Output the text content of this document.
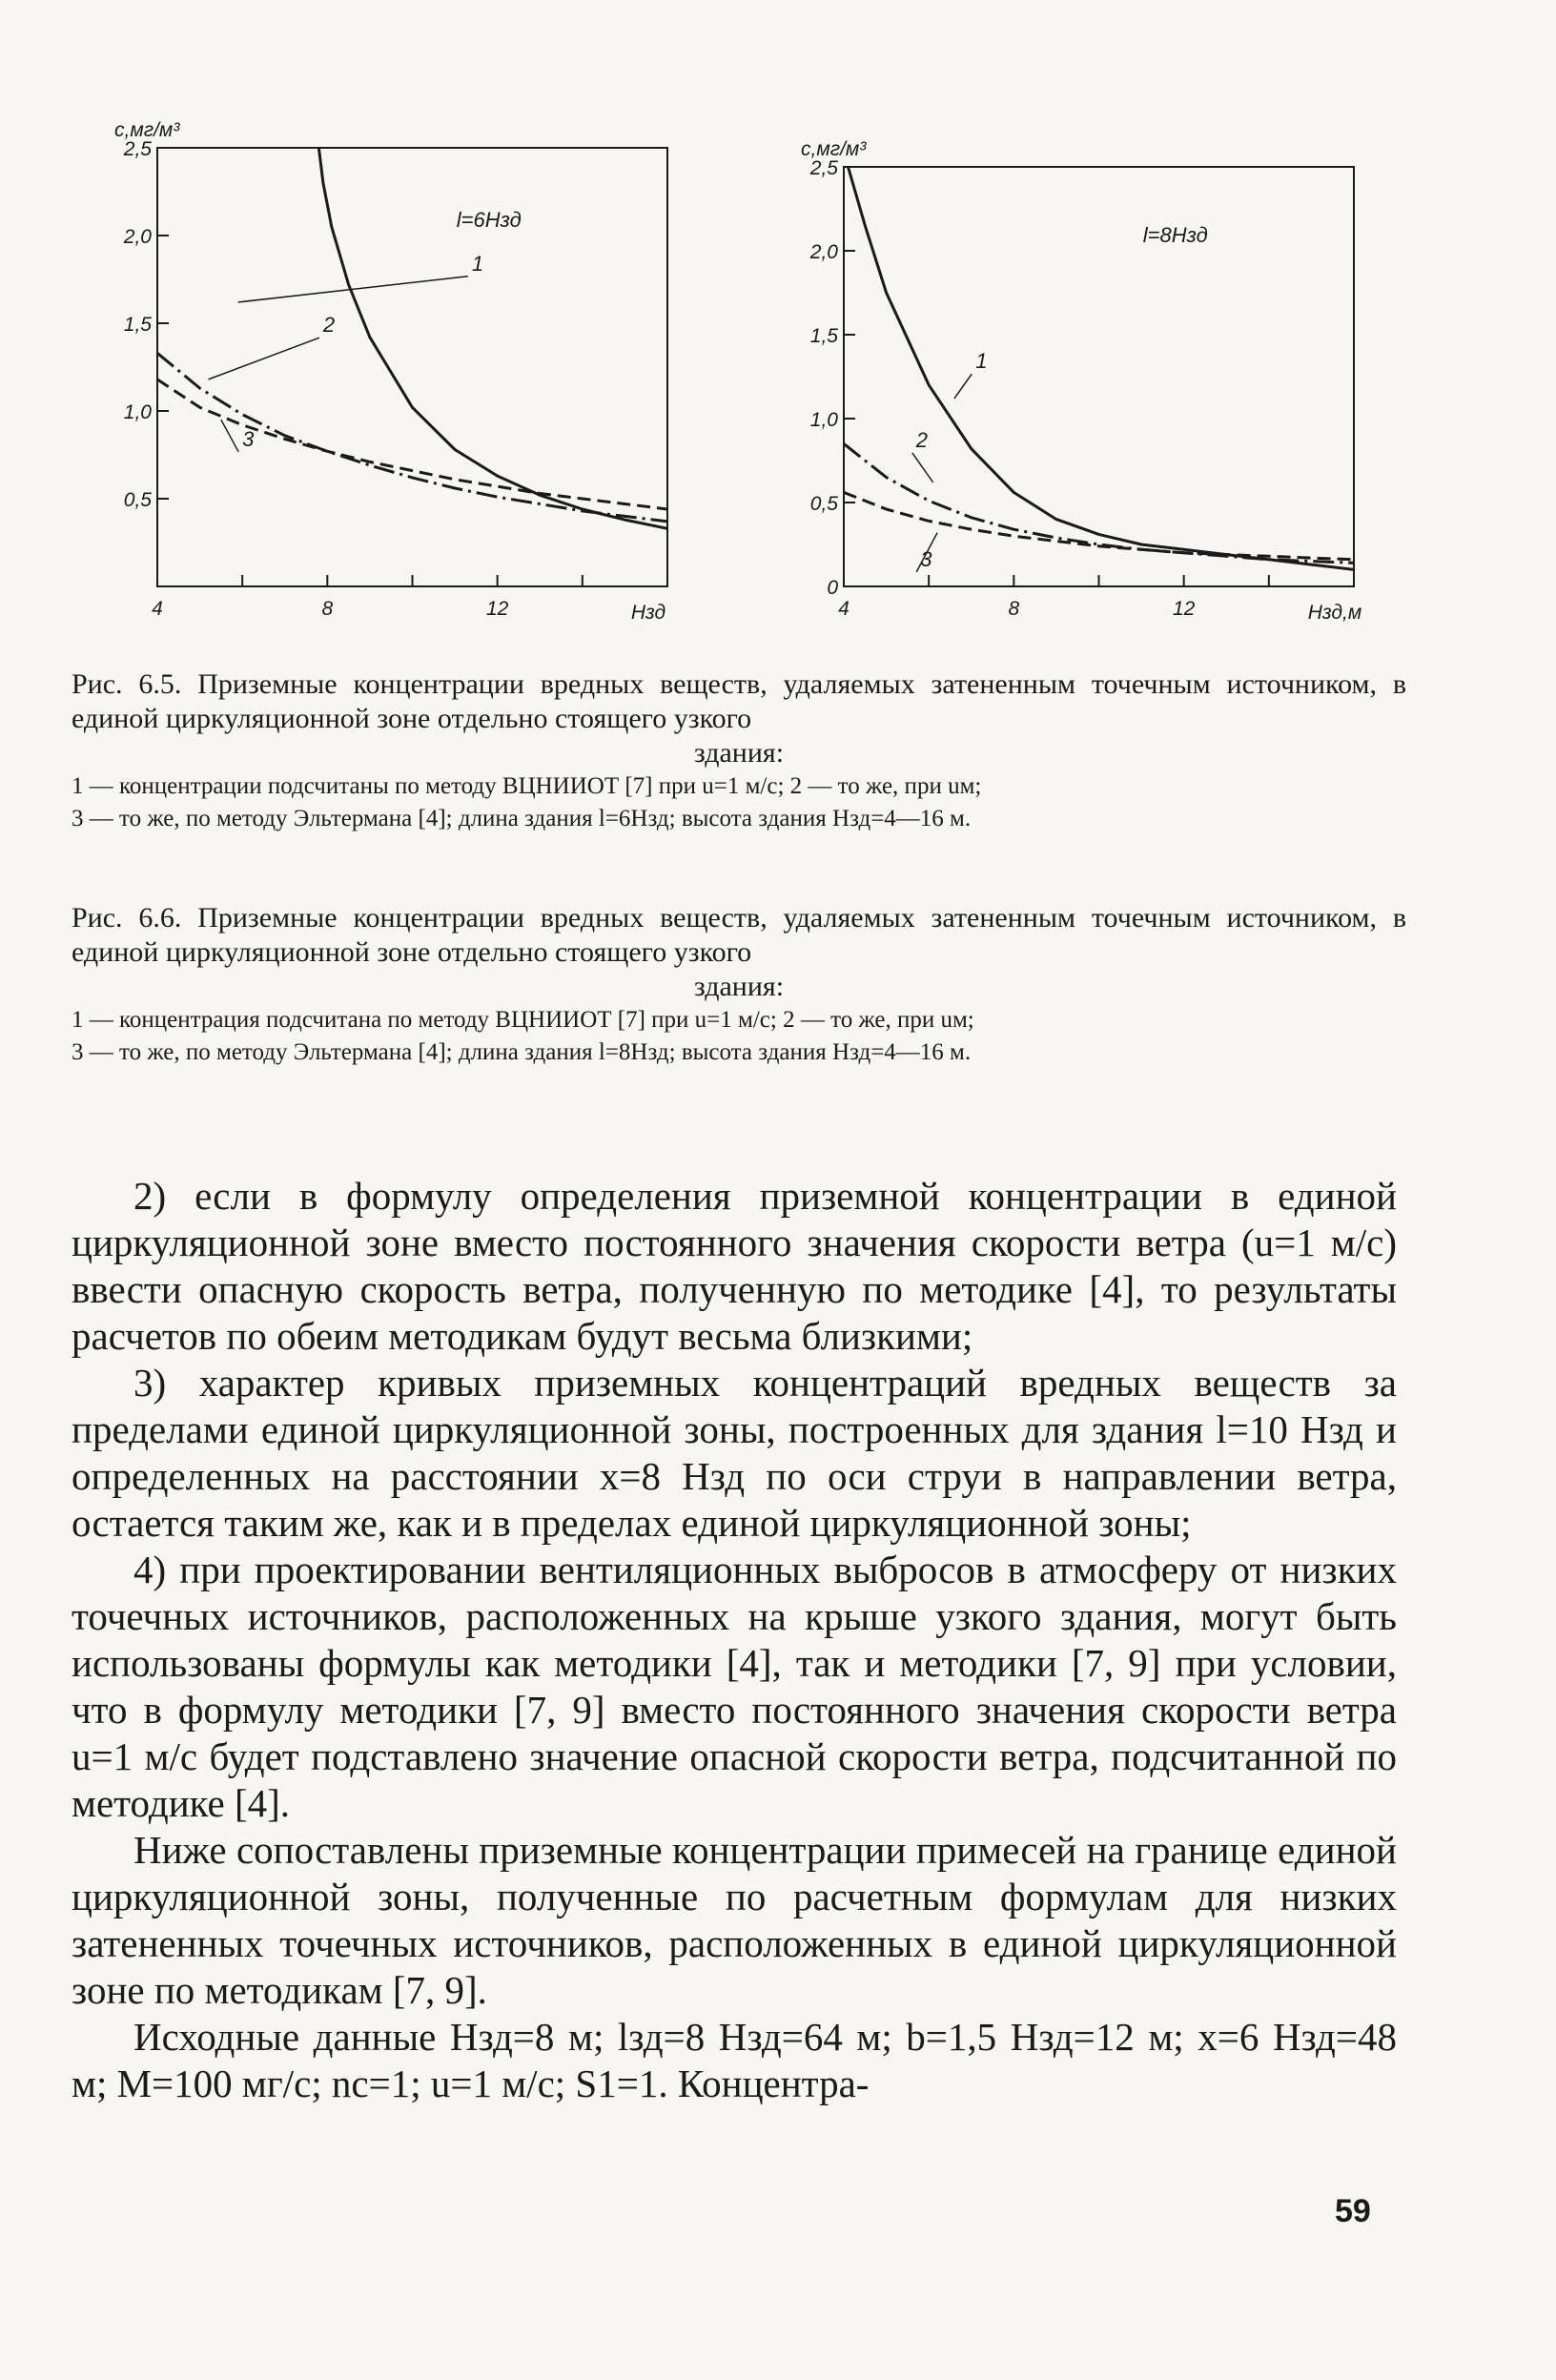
0,5
1,0
1,5
2,0
2,5
4	8	12
c,мг/м³
Нзд
l=6Нзд
1
2
3
0
0,5
1,0
1,5
2,0
2,5
4	8	12
с,мг/м³
Нзд,м
l=8Нзд
1
2
3
Рис. 6.5. Приземные концентрации вредных веществ, удаляемых затененным точечным источником, в единой циркуляционной зоне отдельно стоящего узкого
здания:
1 — концентрации подсчитаны по методу ВЦНИИОТ [7] при u=1 м/с; 2 — то же, при uм;
3 — то же, по методу Эльтермана [4]; длина здания l=6Hзд; высота здания Hзд=4—16 м.
Рис. 6.6. Приземные концентрации вредных веществ, удаляемых затененным точечным источником, в единой циркуляционной зоне отдельно стоящего узкого
здания:
1 — концентрация подсчитана по методу ВЦНИИОТ [7] при u=1 м/с; 2 — то же, при uм;
3 — то же, по методу Эльтермана [4]; длина здания l=8Hзд; высота здания Hзд=4—16 м.

2) если в формулу определения приземной концентрации в единой циркуляционной зоне вместо постоянного значения скорости ветра (u=1 м/с) ввести опасную скорость ветра, полученную по методике [4], то результаты расчетов по обеим методикам будут весьма близкими;

3) характер кривых приземных концентраций вредных веществ за пределами единой циркуляционной зоны, построенных для здания l=10 Hзд и определенных на расстоянии x=8 Hзд по оси струи в направлении ветра, остается таким же, как и в пределах единой циркуляционной зоны;

4) при проектировании вентиляционных выбросов в атмосферу от низких точечных источников, расположенных на крыше узкого здания, могут быть использованы формулы как методики [4], так и методики [7, 9] при условии, что в формулу методики [7, 9] вместо постоянного значения скорости ветра u=1 м/с будет подставлено значение опасной скорости ветра, подсчитанной по методике [4].

Ниже сопоставлены приземные концентрации примесей на границе единой циркуляционной зоны, полученные по расчетным формулам для низких затененных точечных источников, расположенных в единой циркуляционной зоне по методикам [7, 9].

Исходные данные Hзд=8 м; lзд=8 Hзд=64 м; b=1,5 Hзд=12 м; x=6 Hзд=48 м; M=100 мг/с; nc=1; u=1 м/с; S1=1. Концентра-

59
